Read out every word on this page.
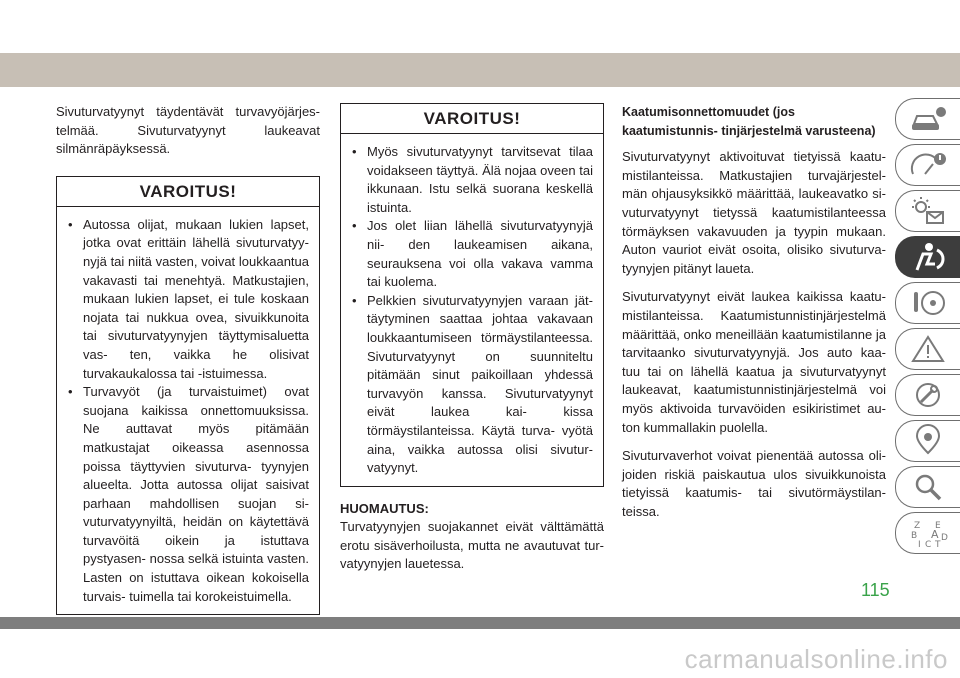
Sivuturvatyynyt täydentävät turvavyöjärjes- telmää. Sivuturvatyynyt laukeavat silmänräpäyksessä.

VAROITUS!
• Autossa olijat, mukaan lukien lapset, jotka ovat erittäin lähellä sivuturvatyy- nyjä tai niitä vasten, voivat loukkaantua vakavasti tai menehtyä. Matkustajien, mukaan lukien lapset, ei tule koskaan nojata tai nukkua ovea, sivuikkunoita tai sivuturvatyynyjen täyttymisaluetta vas- ten, vaikka he olisivat turvakaukalossa tai -istuimessa.
• Turvavyöt (ja turvaistuimet) ovat suojana kaikissa onnettomuuksissa. Ne auttavat myös pitämään matkustajat oikeassa asennossa poissa täyttyvien sivuturva- tyynyjen alueelta. Jotta autossa olijat saisivat parhaan mahdollisen suojan si- vuturvatyynyiltä, heidän on käytettävä turvavöitä oikein ja istuttava pystyasen- nossa selkä istuinta vasten. Lasten on istuttava oikean kokoisella turvais- tuimella tai korokeistuimella.
VAROITUS!
• Myös sivuturvatyynyt tarvitsevat tilaa voidakseen täyttyä. Älä nojaa oveen tai ikkunaan. Istu selkä suorana keskellä istuinta.
• Jos olet liian lähellä sivuturvatyynyjä nii- den laukeamisen aikana, seurauksena voi olla vakava vamma tai kuolema.
• Pelkkien sivuturvatyynyjen varaan jät- täytyminen saattaa johtaa vakavaan loukkaantumiseen törmäystilanteessa. Sivuturvatyynyt on suunniteltu pitämään sinut paikoillaan yhdessä turvavyön kanssa. Sivuturvatyynyt eivät laukea kai- kissa törmäystilanteissa. Käytä turva- vyötä aina, vaikka autossa olisi sivutur- vatyynyt.
HUOMAUTUS:

Turvatyynyjen suojakannet eivät välttämättä erotu sisäverhoilusta, mutta ne avautuvat tur- vatyynyjen lauetessa.

Kaatumisonnettomuudet (jos kaatumistunnis- tinjärjestelmä varusteena)

Sivuturvatyynyt aktivoituvat tietyissä kaatu- mistilanteissa. Matkustajien turvajärjestel- män ohjausyksikkö määrittää, laukeavatko si- vuturvatyynyt tietyssä kaatumistilanteessa törmäyksen vakavuuden ja tyypin mukaan. Auton vauriot eivät osoita, olisiko sivuturva- tyynyjen pitänyt laueta.

Sivuturvatyynyt eivät laukea kaikissa kaatu- mistilanteissa. Kaatumistunnistinjärjestelmä määrittää, onko meneillään kaatumistilanne ja tarvitaanko sivuturvatyynyjä. Jos auto kaa- tuu tai on lähellä kaatua ja sivuturvatyynyt laukeavat, kaatumistunnistinjärjestelmä voi myös aktivoida turvavöiden esikiristimet au- ton kummallakin puolella.

Sivuturvaverhot voivat pienentää autossa oli- joiden riskiä paiskautua ulos sivuikkunoista tietyissä kaatumis- tai sivutörmäystilan- teissa.

Z E
B A
I C T
D
115
carmanualsonline.info
